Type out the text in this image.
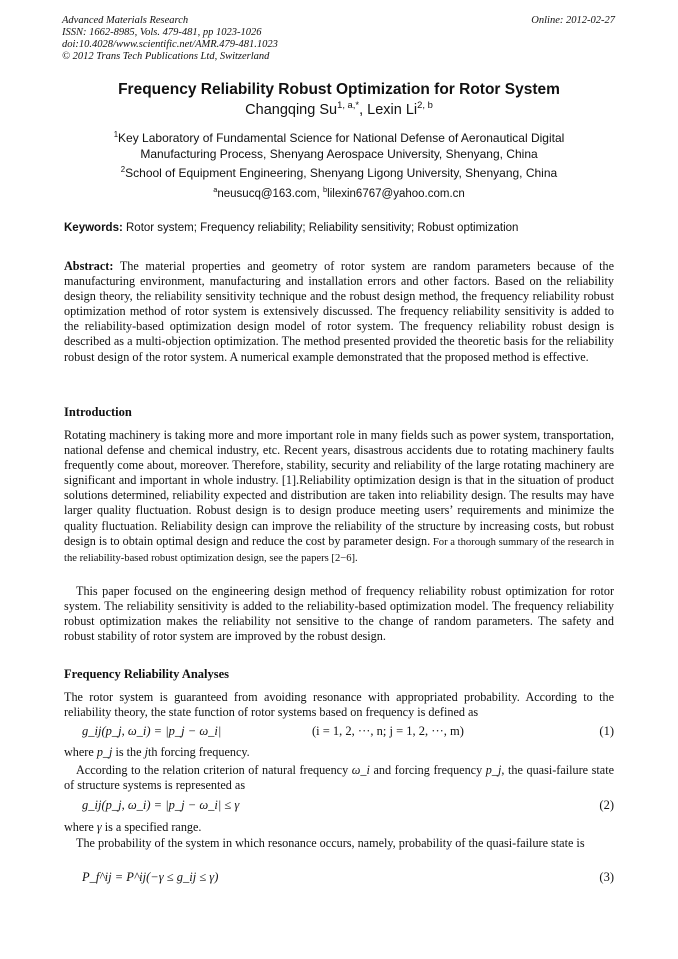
Advanced Materials Research
ISSN: 1662-8985, Vols. 479-481, pp 1023-1026
doi:10.4028/www.scientific.net/AMR.479-481.1023
© 2012 Trans Tech Publications Ltd, Switzerland
Online: 2012-02-27
Frequency Reliability Robust Optimization for Rotor System
Changqing $Su^{1, a,*}$, Lexin Li$^{2, b}$
$^1$Key Laboratory of Fundamental Science for National Defense of Aeronautical Digital
Manufacturing Process, Shenyang Aerospace University, Shenyang, China
$^2$School of Equipment Engineering, Shenyang Ligong University, Shenyang, China
$^a$neusucq@163.com, $^b$lilexin6767@yahoo.com.cn
Keywords: Rotor system; Frequency reliability; Reliability sensitivity; Robust optimization
Abstract: The material properties and geometry of rotor system are random parameters because of the manufacturing environment, manufacturing and installation errors and other factors. Based on the reliability design theory, the reliability sensitivity technique and the robust design method, the frequency reliability robust optimization method of rotor system is extensively discussed. The frequency reliability sensitivity is added to the reliability-based optimization design model of rotor system. The frequency reliability robust design is described as a multi-objection optimization. The method presented provided the theoretic basis for the reliability robust design of the rotor system. A numerical example demonstrated that the proposed method is effective.
Introduction
Rotating machinery is taking more and more important role in many fields such as power system, transportation, national defense and chemical industry, etc. Recent years, disastrous accidents due to rotating machinery faults frequently come about, moreover. Therefore, stability, security and reliability of the large rotating machinery are significant and important in whole industry. [1].Reliability optimization design is that in the situation of product solutions determined, reliability expected and distribution are taken into reliability design. The results may have larger quality fluctuation. Robust design is to design produce meeting users’ requirements and minimize the quality fluctuation. Reliability design can improve the reliability of the structure by increasing costs, but robust design is to obtain optimal design and reduce the cost by parameter design. For a thorough summary of the research in the reliability-based robust optimization design, see the papers [2−6].
This paper focused on the engineering design method of frequency reliability robust optimization for rotor system. The reliability sensitivity is added to the reliability-based optimization model. The frequency reliability robust optimization makes the reliability not sensitive to the change of random parameters. The safety and robust stability of rotor system are improved by the robust design.
Frequency Reliability Analyses
The rotor system is guaranteed from avoiding resonance with appropriated probability. According to the reliability theory, the state function of rotor systems based on frequency is defined as
g_ij(p_j, ω_i) = |p_j − ω_i|	(i = 1, 2, ···, n; j = 1, 2, ···, m)	(1)
where p_j is the jth forcing frequency.
According to the relation criterion of natural frequency ω_i and forcing frequency p_j, the quasi-failure state of structure systems is represented as
g_ij(p_j, ω_i) = |p_j − ω_i| ≤ γ	(2)
where γ is a specified range.
The probability of the system in which resonance occurs, namely, probability of the quasi-failure state is
P_f^ij = P^ij(−γ ≤ g_ij ≤ γ)	(3)
